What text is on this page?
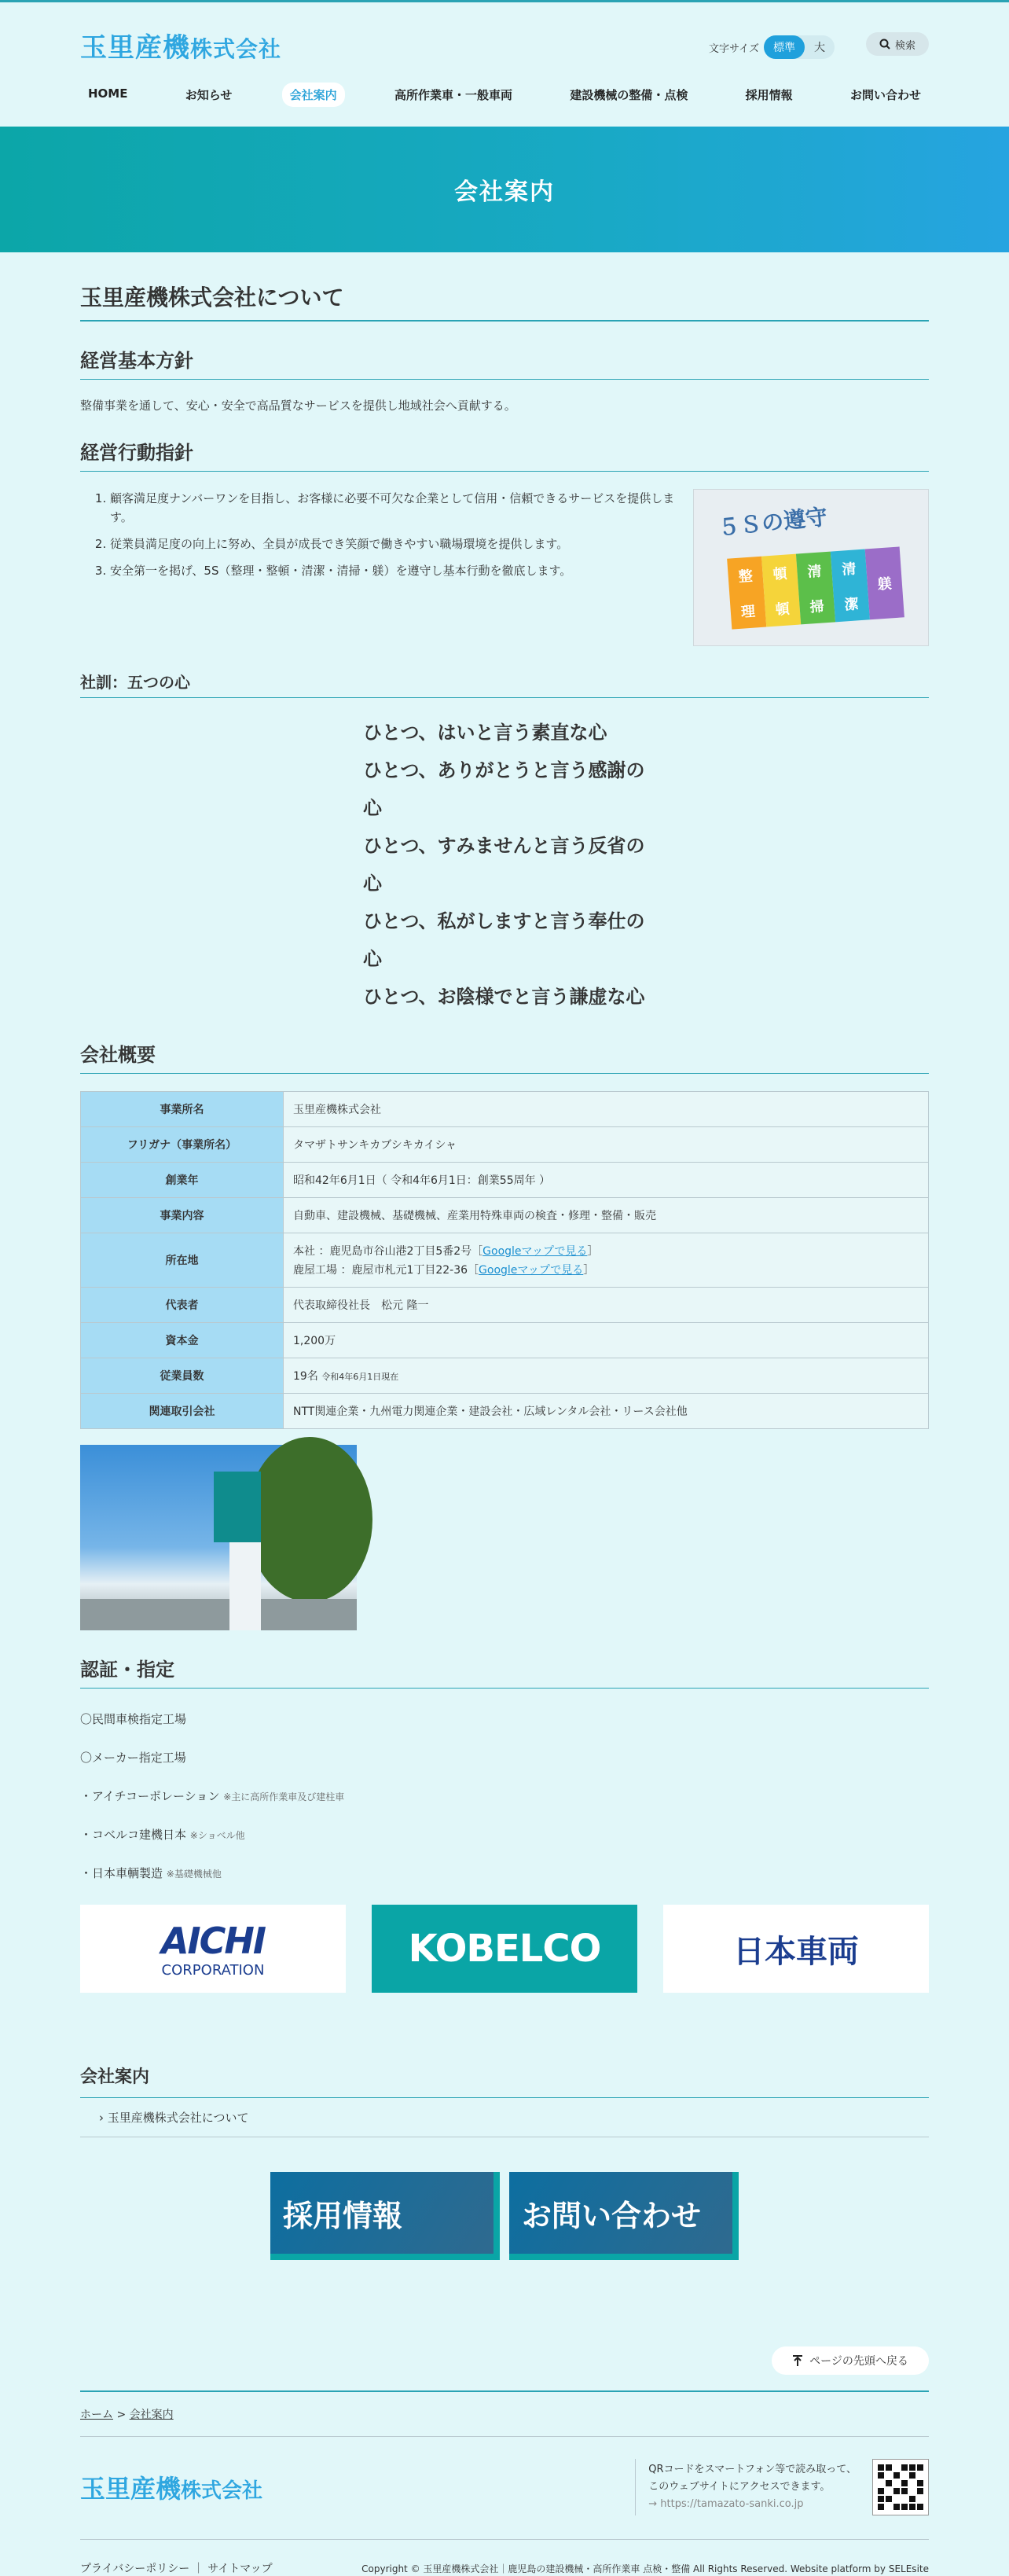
玉里産機株式会社	文字サイズ	標準	大	検索
HOME	お知らせ	会社案内	高所作業車・一般車両	建設機械の整備・点検	採用情報	お問い合わせ
会社案内
玉里産機株式会社について
経営基本方針

整備事業を通して、安心・安全で高品質なサービスを提供し地域社会へ貢献する。

経営行動指針
1. 顧客満足度ナンバーワンを目指し、お客様に必要不可欠な企業として信用・信頼できるサービスを提供します。
2. 従業員満足度の向上に努め、全員が成長でき笑顔で働きやすい職場環境を提供します。
3. 安全第一を掲げ、5S（整理・整頓・清潔・清掃・躾）を遵守し基本行動を徹底します。
５Ｓの遵守
整
理
頓
頓
清
掃
清
潔
躾
社訓：五つの心
ひとつ、はいと言う素直な心
ひとつ、ありがとうと言う感謝の心
ひとつ、すみませんと言う反省の心
ひとつ、私がしますと言う奉仕の心
ひとつ、お陰様でと言う謙虚な心
会社概要
事業所名	玉里産機株式会社
フリガナ（事業所名）	タマザトサンキカブシキカイシャ
創業年	昭和42年6月1日（ 令和4年6月1日：創業55周年 ）
事業内容	自動車、建設機械、基礎機械、産業用特殊車両の検査・修理・整備・販売
所在地	本社 ：鹿児島市谷山港2丁目5番2号［Googleマップで見る］
鹿屋工場 ：鹿屋市札元1丁目22-36［Googleマップで見る］

代表者	代表取締役社長　松元 隆一
資本金	1,200万
従業員数	19名 令和4年6月1日現在
関連取引会社	NTT関連企業・九州電力関連企業・建設会社・広域レンタル会社・リース会社他
認証・指定

〇民間車検指定工場

〇メーカー指定工場

・アイチコーポレーション ※主に高所作業車及び建柱車

・コベルコ建機日本 ※ショベル他

・日本車輌製造 ※基礎機械他

AICHI
CORPORATION	KOBELCO	日本車両
会社案内
› 玉里産機株式会社について
採用情報	お問い合わせ
ページの先頭へ戻る
ホーム > 会社案内
玉里産機株式会社
QRコードをスマートフォン等で読み取って、
このウェブサイトにアクセスできます。
→ https://tamazato-sanki.co.jp
プライバシーポリシー ｜ サイトマップ	Copyright © 玉里産機株式会社｜鹿児島の建設機械・高所作業車 点検・整備 All Rights Reserved. Website platform by SELEsite
